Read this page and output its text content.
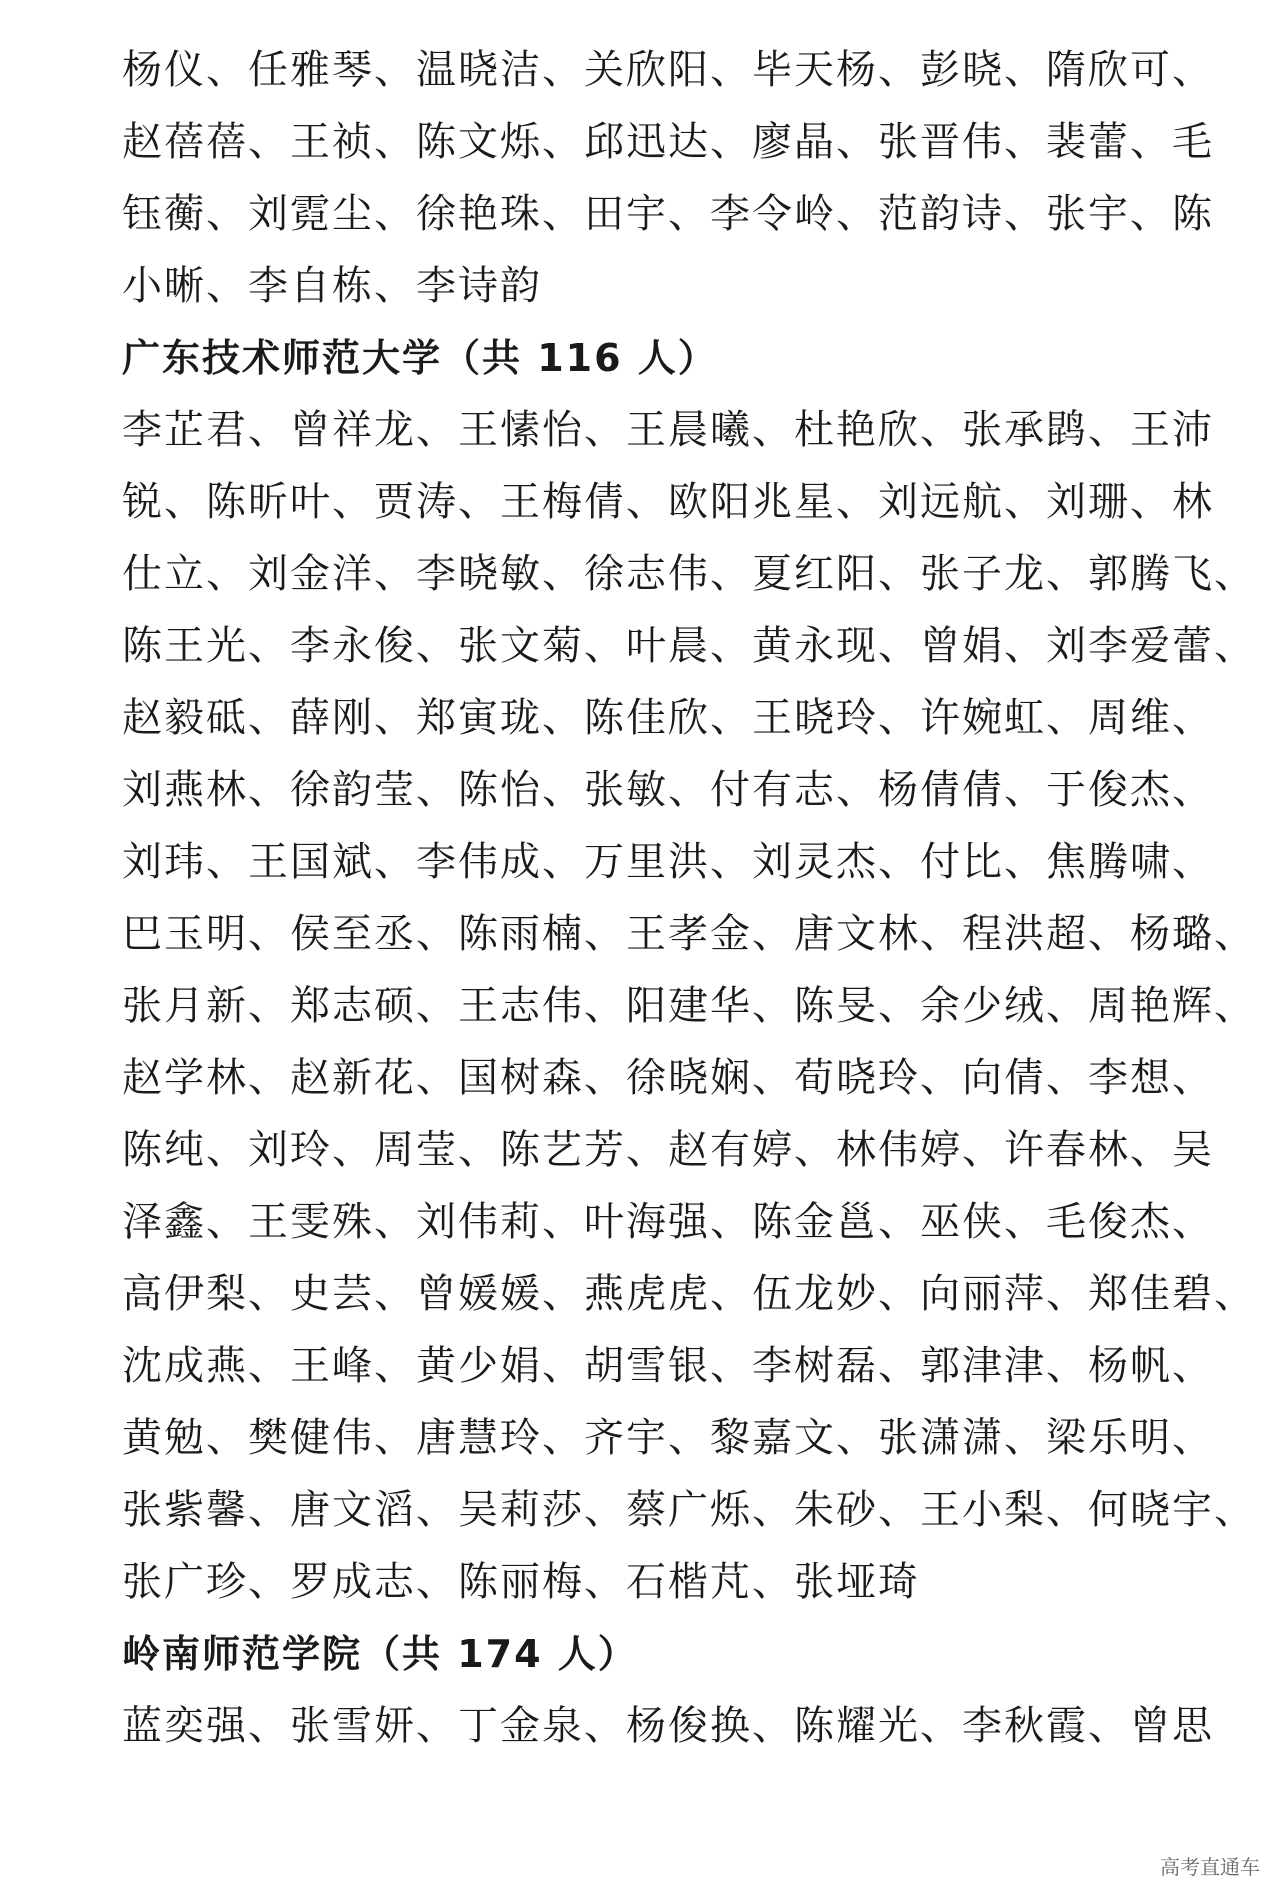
杨仪、任雅琴、温晓洁、关欣阳、毕天杨、彭晓、隋欣可、
赵蓓蓓、王祯、陈文烁、邱迅达、廖晶、张晋伟、裴蕾、毛
钰蘅、刘霓尘、徐艳珠、田宇、李令岭、范韵诗、张宇、陈
小晰、李自栋、李诗韵
广东技术师范大学（共 116 人）
李芷君、曾祥龙、王愫怡、王晨曦、杜艳欣、张承鹍、王沛
锐、陈昕叶、贾涛、王梅倩、欧阳兆星、刘远航、刘珊、林
仕立、刘金洋、李晓敏、徐志伟、夏红阳、张子龙、郭腾飞、
陈王光、李永俊、张文菊、叶晨、黄永现、曾娟、刘李爱蕾、
赵毅砥、薛刚、郑寅珑、陈佳欣、王晓玲、许婉虹、周维、
刘燕林、徐韵莹、陈怡、张敏、付有志、杨倩倩、于俊杰、
刘玮、王国斌、李伟成、万里洪、刘灵杰、付比、焦腾啸、
巴玉明、侯至丞、陈雨楠、王孝金、唐文林、程洪超、杨璐、
张月新、郑志硕、王志伟、阳建华、陈旻、余少绒、周艳辉、
赵学林、赵新花、国树森、徐晓娴、荀晓玲、向倩、李想、
陈纯、刘玲、周莹、陈艺芳、赵有婷、林伟婷、许春林、吴
泽鑫、王雯殊、刘伟莉、叶海强、陈金邕、巫侠、毛俊杰、
高伊梨、史芸、曾媛媛、燕虎虎、伍龙妙、向丽萍、郑佳碧、
沈成燕、王峰、黄少娟、胡雪银、李树磊、郭津津、杨帆、
黄勉、樊健伟、唐慧玲、齐宇、黎嘉文、张潇潇、梁乐明、
张紫馨、唐文滔、吴莉莎、蔡广烁、朱砂、王小梨、何晓宇、
张广珍、罗成志、陈丽梅、石楷芃、张垭琦
岭南师范学院（共 174 人）
蓝奕强、张雪妍、丁金泉、杨俊换、陈耀光、李秋霞、曾思
高考直通车
